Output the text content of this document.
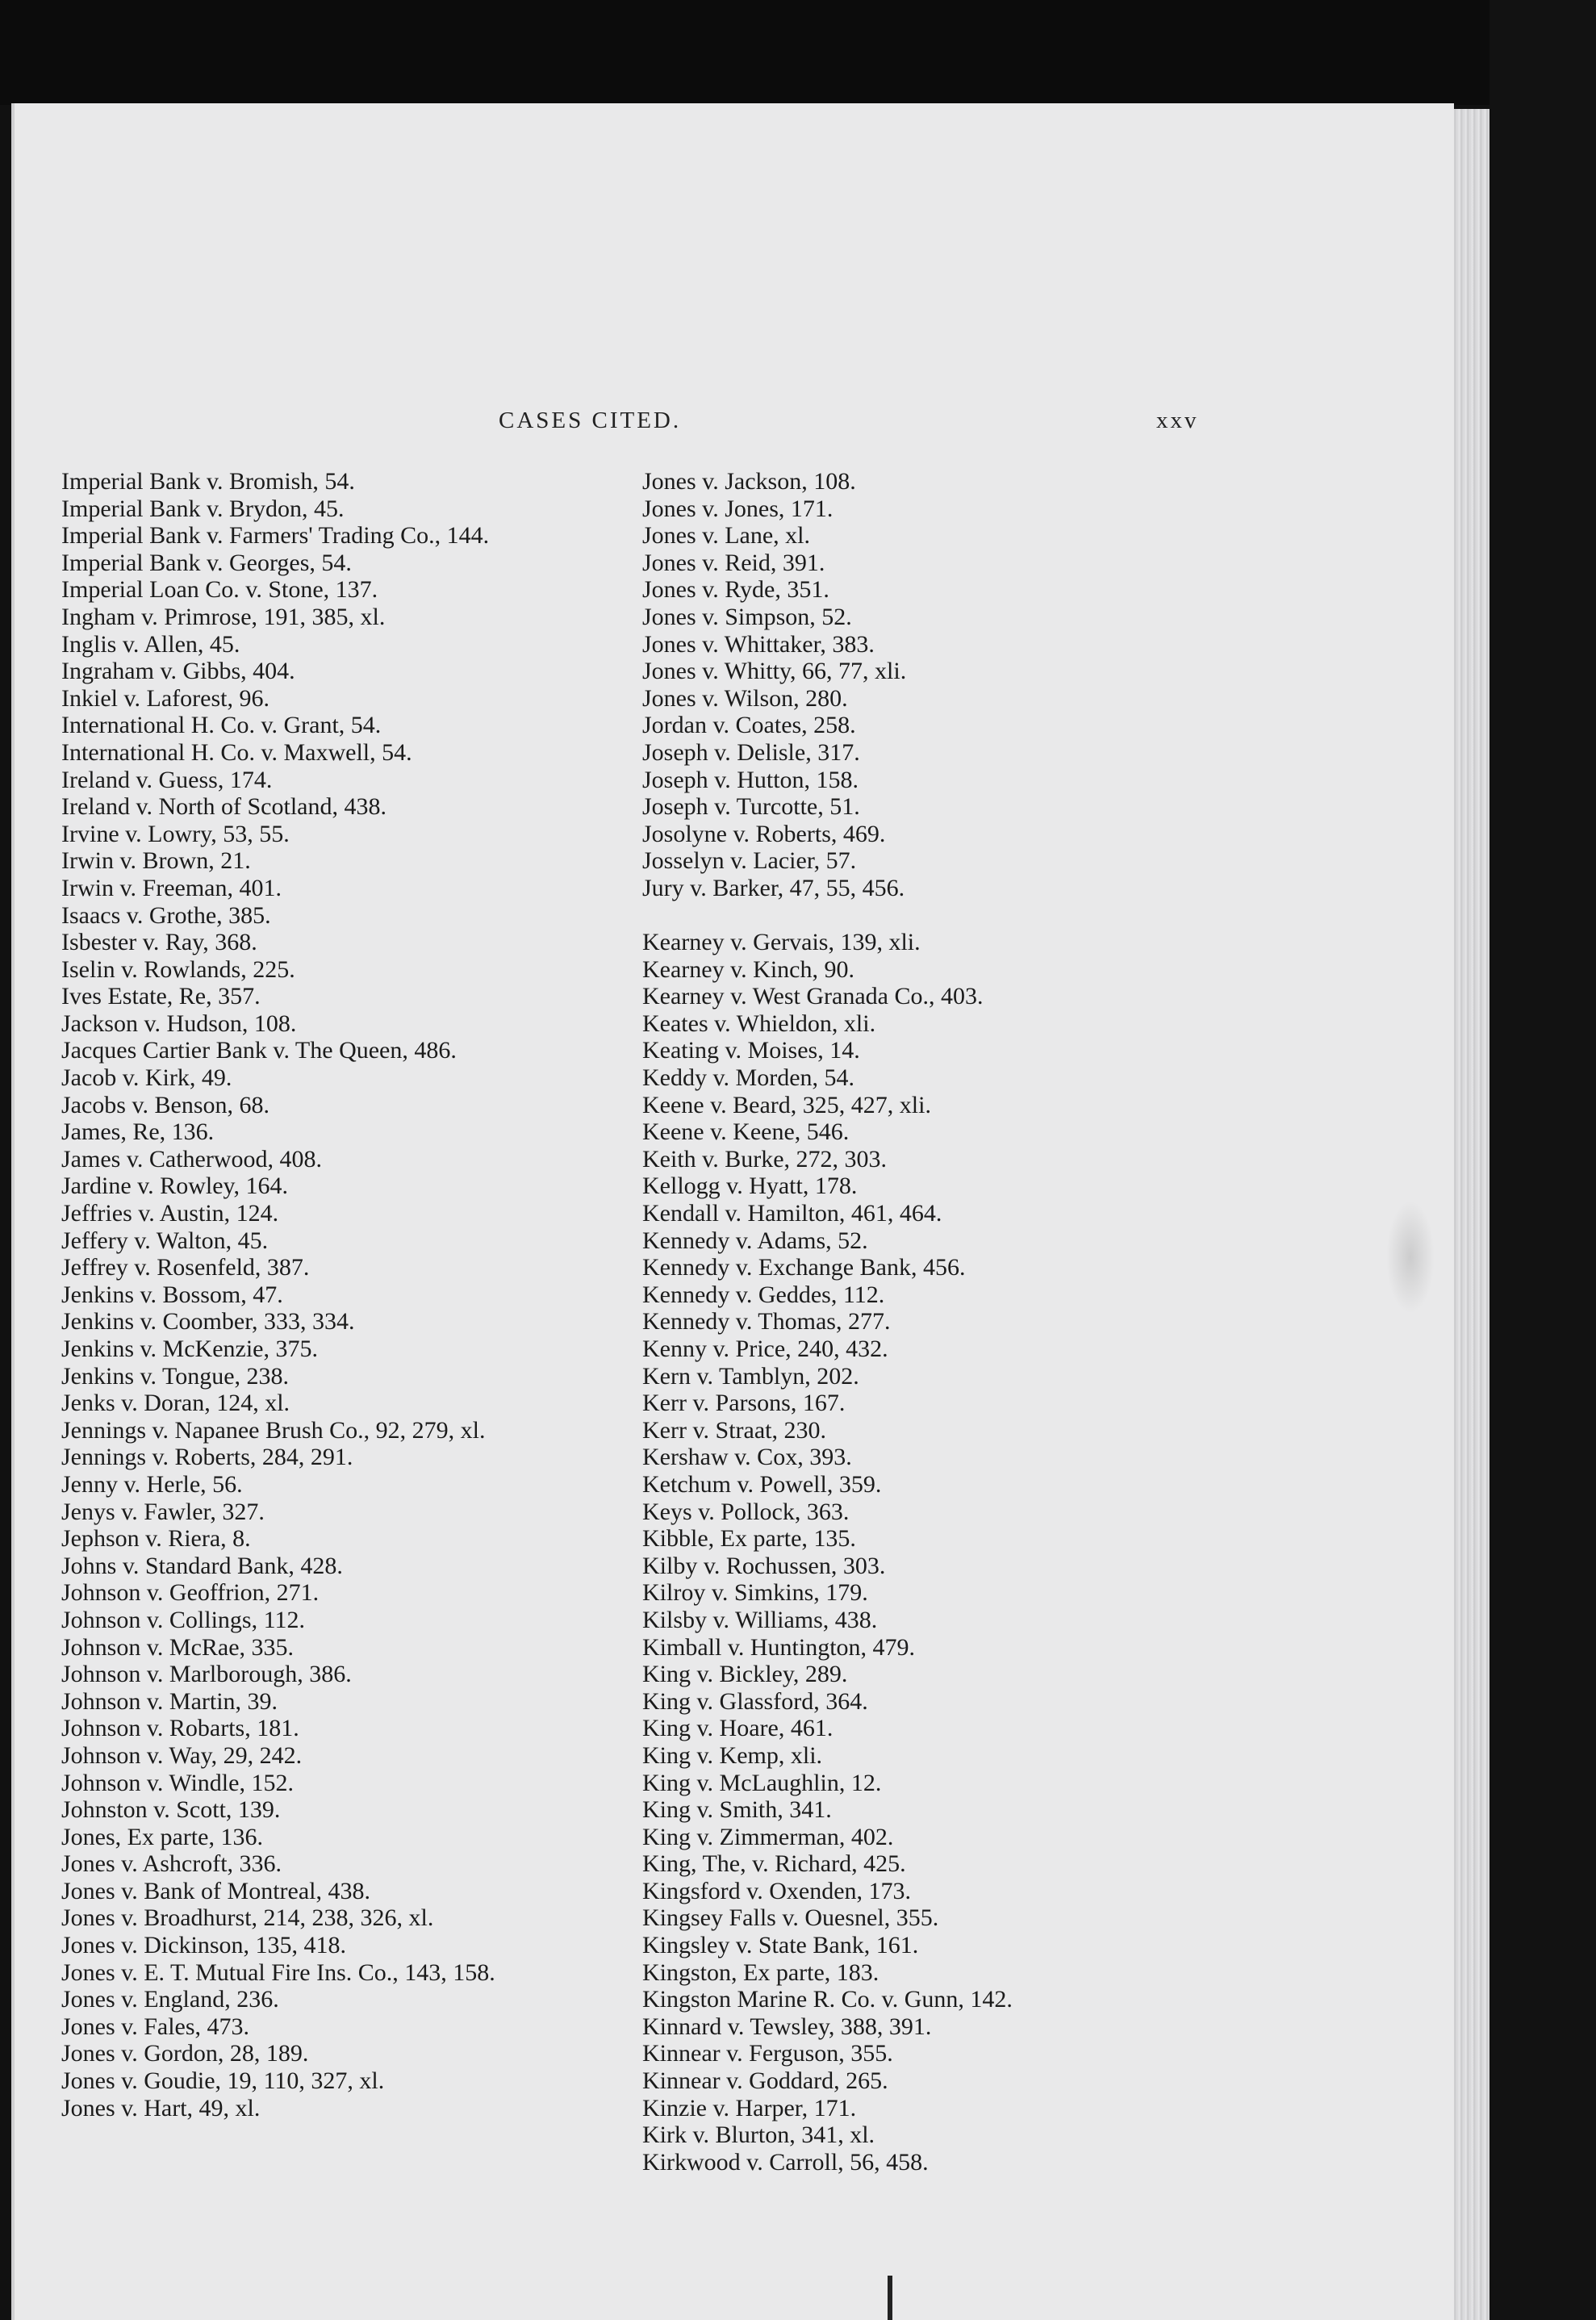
CASES CITED.	xxv
Imperial Bank v. Bromish, 54.
Imperial Bank v. Brydon, 45.
Imperial Bank v. Farmers' Trading Co., 144.
Imperial Bank v. Georges, 54.
Imperial Loan Co. v. Stone, 137.
Ingham v. Primrose, 191, 385, xl.
Inglis v. Allen, 45.
Ingraham v. Gibbs, 404.
Inkiel v. Laforest, 96.
International H. Co. v. Grant, 54.
International H. Co. v. Maxwell, 54.
Ireland v. Guess, 174.
Ireland v. North of Scotland, 438.
Irvine v. Lowry, 53, 55.
Irwin v. Brown, 21.
Irwin v. Freeman, 401.
Isaacs v. Grothe, 385.
Isbester v. Ray, 368.
Iselin v. Rowlands, 225.
Ives Estate, Re, 357.
Jackson v. Hudson, 108.
Jacques Cartier Bank v. The Queen, 486.
Jacob v. Kirk, 49.
Jacobs v. Benson, 68.
James, Re, 136.
James v. Catherwood, 408.
Jardine v. Rowley, 164.
Jeffries v. Austin, 124.
Jeffery v. Walton, 45.
Jeffrey v. Rosenfeld, 387.
Jenkins v. Bossom, 47.
Jenkins v. Coomber, 333, 334.
Jenkins v. McKenzie, 375.
Jenkins v. Tongue, 238.
Jenks v. Doran, 124, xl.
Jennings v. Napanee Brush Co., 92, 279, xl.
Jennings v. Roberts, 284, 291.
Jenny v. Herle, 56.
Jenys v. Fawler, 327.
Jephson v. Riera, 8.
Johns v. Standard Bank, 428.
Johnson v. Geoffrion, 271.
Johnson v. Collings, 112.
Johnson v. McRae, 335.
Johnson v. Marlborough, 386.
Johnson v. Martin, 39.
Johnson v. Robarts, 181.
Johnson v. Way, 29, 242.
Johnson v. Windle, 152.
Johnston v. Scott, 139.
Jones, Ex parte, 136.
Jones v. Ashcroft, 336.
Jones v. Bank of Montreal, 438.
Jones v. Broadhurst, 214, 238, 326, xl.
Jones v. Dickinson, 135, 418.
Jones v. E. T. Mutual Fire Ins. Co., 143, 158.
Jones v. England, 236.
Jones v. Fales, 473.
Jones v. Gordon, 28, 189.
Jones v. Goudie, 19, 110, 327, xl.
Jones v. Hart, 49, xl.
Jones v. Jackson, 108.
Jones v. Jones, 171.
Jones v. Lane, xl.
Jones v. Reid, 391.
Jones v. Ryde, 351.
Jones v. Simpson, 52.
Jones v. Whittaker, 383.
Jones v. Whitty, 66, 77, xli.
Jones v. Wilson, 280.
Jordan v. Coates, 258.
Joseph v. Delisle, 317.
Joseph v. Hutton, 158.
Joseph v. Turcotte, 51.
Josolyne v. Roberts, 469.
Josselyn v. Lacier, 57.
Jury v. Barker, 47, 55, 456.
Kearney v. Gervais, 139, xli.
Kearney v. Kinch, 90.
Kearney v. West Granada Co., 403.
Keates v. Whieldon, xli.
Keating v. Moises, 14.
Keddy v. Morden, 54.
Keene v. Beard, 325, 427, xli.
Keene v. Keene, 546.
Keith v. Burke, 272, 303.
Kellogg v. Hyatt, 178.
Kendall v. Hamilton, 461, 464.
Kennedy v. Adams, 52.
Kennedy v. Exchange Bank, 456.
Kennedy v. Geddes, 112.
Kennedy v. Thomas, 277.
Kenny v. Price, 240, 432.
Kern v. Tamblyn, 202.
Kerr v. Parsons, 167.
Kerr v. Straat, 230.
Kershaw v. Cox, 393.
Ketchum v. Powell, 359.
Keys v. Pollock, 363.
Kibble, Ex parte, 135.
Kilby v. Rochussen, 303.
Kilroy v. Simkins, 179.
Kilsby v. Williams, 438.
Kimball v. Huntington, 479.
King v. Bickley, 289.
King v. Glassford, 364.
King v. Hoare, 461.
King v. Kemp, xli.
King v. McLaughlin, 12.
King v. Smith, 341.
King v. Zimmerman, 402.
King, The, v. Richard, 425.
Kingsford v. Oxenden, 173.
Kingsey Falls v. Ouesnel, 355.
Kingsley v. State Bank, 161.
Kingston, Ex parte, 183.
Kingston Marine R. Co. v. Gunn, 142.
Kinnard v. Tewsley, 388, 391.
Kinnear v. Ferguson, 355.
Kinnear v. Goddard, 265.
Kinzie v. Harper, 171.
Kirk v. Blurton, 341, xl.
Kirkwood v. Carroll, 56, 458.
